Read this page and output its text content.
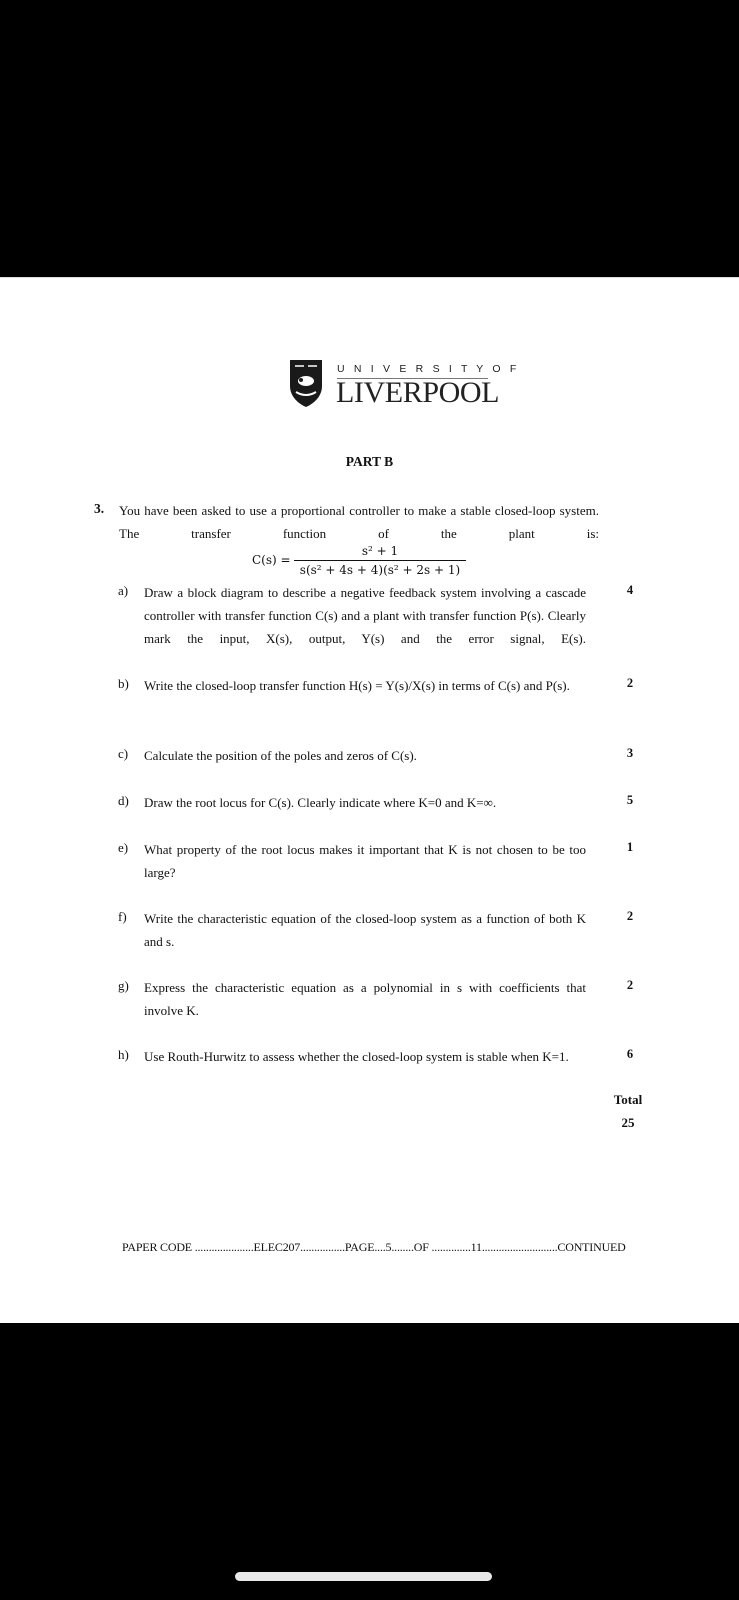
U N I V E R S I T Y O F
LIVERPOOL
PART B
3. You have been asked to use a proportional controller to make a stable closed-loop system. The transfer function of the plant is:
C(s) =
s² + 1
s(s² + 4s + 4)(s² + 2s + 1)
a) Draw a block diagram to describe a negative feedback system involving a cascade controller with transfer function C(s) and a plant with transfer function P(s). Clearly mark the input, X(s), output, Y(s) and the error signal, E(s).
4
b) Write the closed-loop transfer function H(s) = Y(s)/X(s) in terms of C(s) and P(s).	2
c) Calculate the position of the poles and zeros of C(s).	3
d) Draw the root locus for C(s). Clearly indicate where K=0 and K=∞.	5
e) What property of the root locus makes it important that K is not chosen to be too large?
1
f) Write the characteristic equation of the closed-loop system as a function of both K and s.
2
g) Express the characteristic equation as a polynomial in s with coefficients that involve K.
2
h) Use Routh-Hurwitz to assess whether the closed-loop system is stable when K=1.	6
Total
25
PAPER CODE .....................ELEC207................PAGE....5........OF ..............11...........................CONTINUED
